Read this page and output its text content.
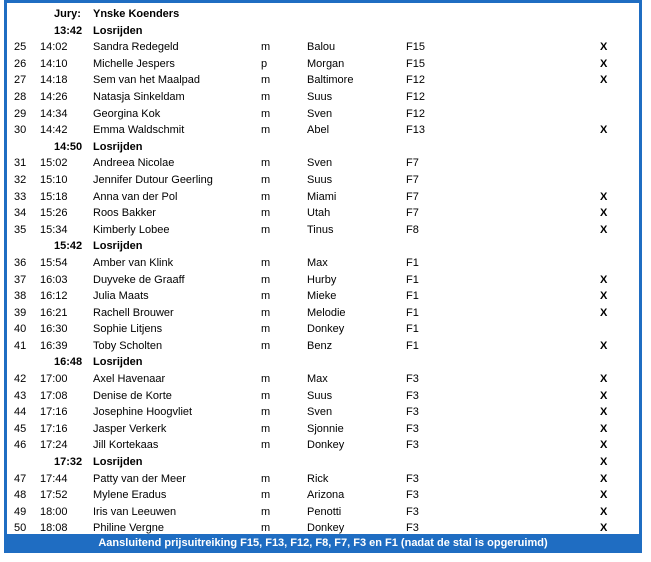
Jury: Ynske Koenders
13:42 Losrijden
25	14:02 Sandra Redegeld	m	Balou	F15	X
26	14:10 Michelle Jespers	p	Morgan	F15	X
27	14:18 Sem van het Maalpad	m	Baltimore	F12	X
28	14:26 Natasja Sinkeldam	m	Suus	F12
29	14:34 Georgina Kok	m	Sven	F12
30	14:42 Emma Waldschmit	m	Abel	F13	X
14:50 Losrijden
31	15:02 Andreea Nicolae	m	Sven	F7
32	15:10 Jennifer Dutour Geerling	m	Suus	F7
33	15:18 Anna van der Pol	m	Miami	F7	X
34	15:26 Roos Bakker	m	Utah	F7	X
35	15:34 Kimberly Lobee	m	Tinus	F8	X
15:42 Losrijden
36	15:54 Amber van Klink	m	Max	F1
37	16:03 Duyveke de Graaff	m	Hurby	F1	X
38	16:12 Julia Maats	m	Mieke	F1	X
39	16:21 Rachell Brouwer	m	Melodie	F1	X
40	16:30 Sophie Litjens	m	Donkey	F1
41	16:39 Toby Scholten	m	Benz	F1	X
16:48 Losrijden
42	17:00 Axel Havenaar	m	Max	F3	X
43	17:08 Denise de Korte	m	Suus	F3	X
44	17:16 Josephine Hoogvliet	m	Sven	F3	X
45	17:16 Jasper Verkerk	m	Sjonnie	F3	X
46	17:24 Jill Kortekaas	m	Donkey	F3	X
17:32 Losrijden	X
47	17:44 Patty van der Meer	m	Rick	F3	X
48	17:52 Mylene Eradus	m	Arizona	F3	X
49	18:00 Iris van Leeuwen	m	Penotti	F3	X
50	18:08 Philine Vergne	m	Donkey	F3	X
Aansluitend prijsuitreiking F15, F13, F12, F8, F7, F3 en F1 (nadat de stal is opgeruimd)
